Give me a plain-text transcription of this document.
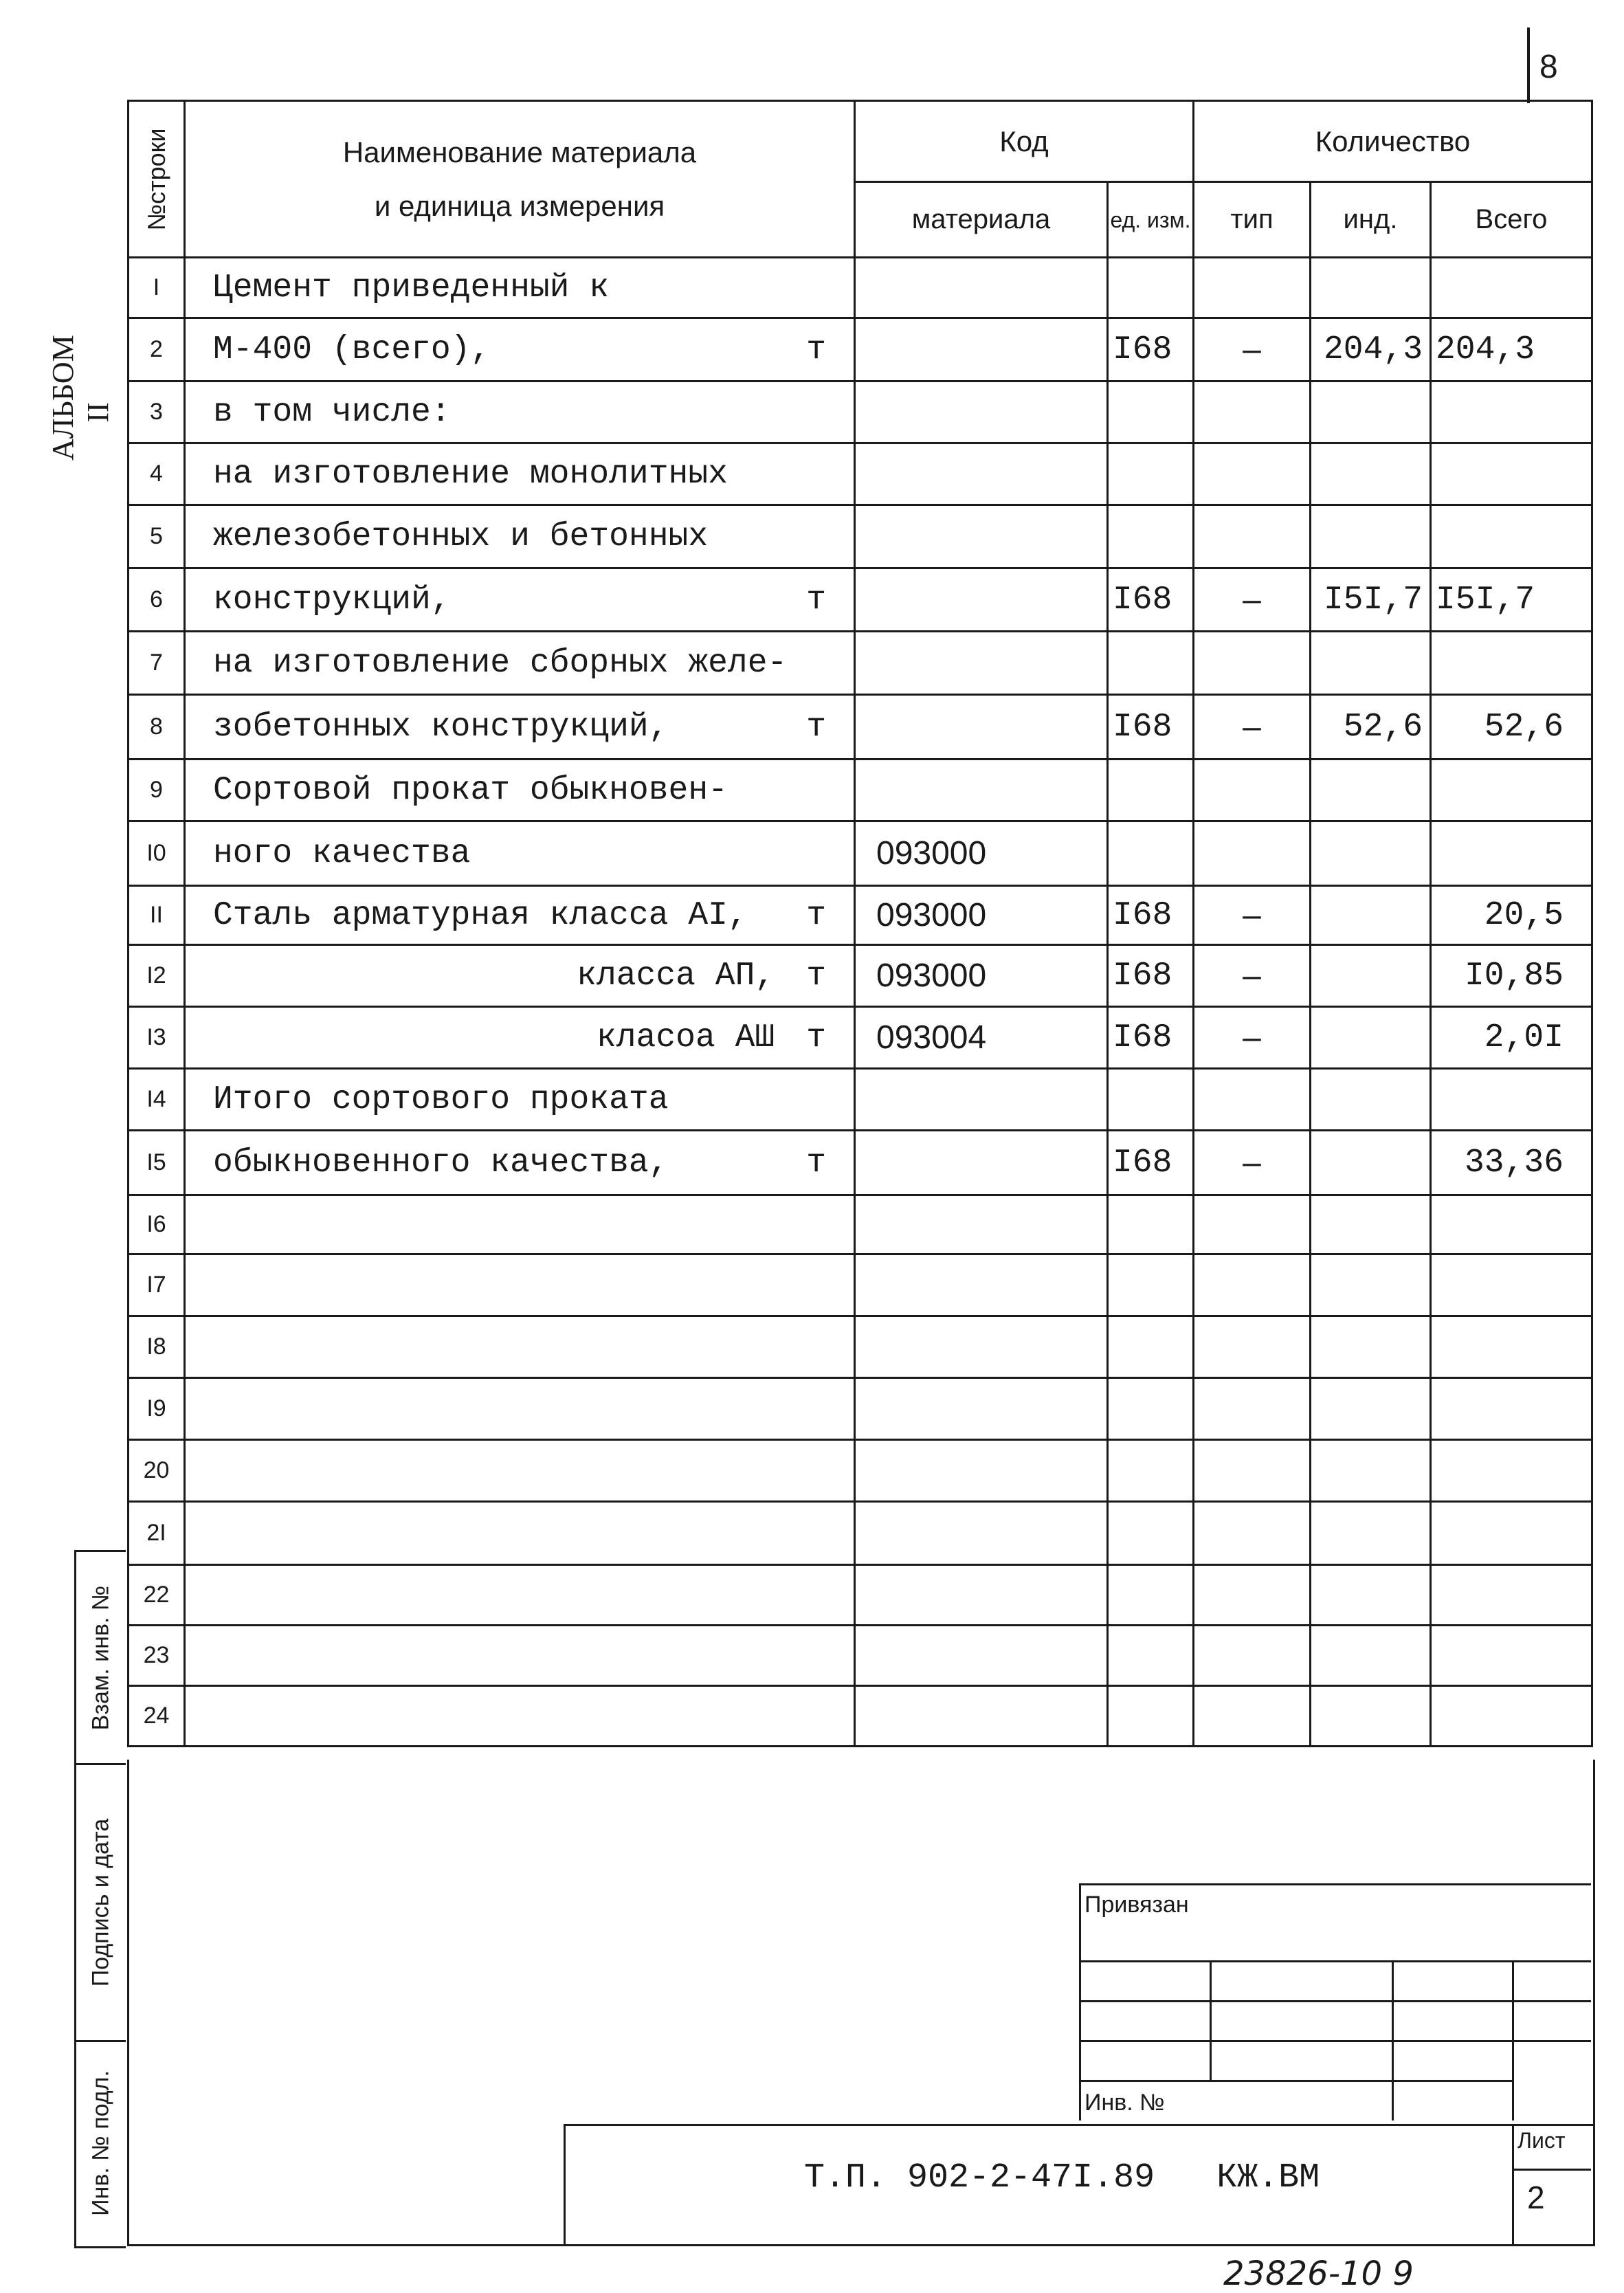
8
АЛЬБОМ II
№строки	Наименование материала
и единица измерения	Код		Количество		
		материала	ед. изм.	тип	инд.	Всего
I	Цемент приведенный к					

2	М-400 (всего), т		I68	–	204,3	204,3
3	в том числе:					

4	на изготовление монолитных					

5	железобетонных и бетонных					

6	конструкций, т		I68	–	I5I,7	I5I,7
7	на изготовление сборных желе-					

8	зобетонных конструкций, т		I68	–	52,6	52,6
9	Сортовой прокат обыкновен-					

I0	ного качества	093000				
II	Сталь арматурная класса АI, т	093000	I68	–		20,5
I2	класса АП, т	093000	I68	–		I0,85
I3	класоа АШ т	093004	I68	–		2,0I
I4	Итого сортового проката					

I5	обыкновенного качества, т		I68	–		33,36
I6	

I7	

I8	

I9	

20	

2I	

22	

23	

24	

Взам. инв. №
Подпись и дата
Инв. № подл.
Привязан
Инв. №
Т.П. 902-2-47I.89   КЖ.ВМ
Лист
2
23826-10 9
